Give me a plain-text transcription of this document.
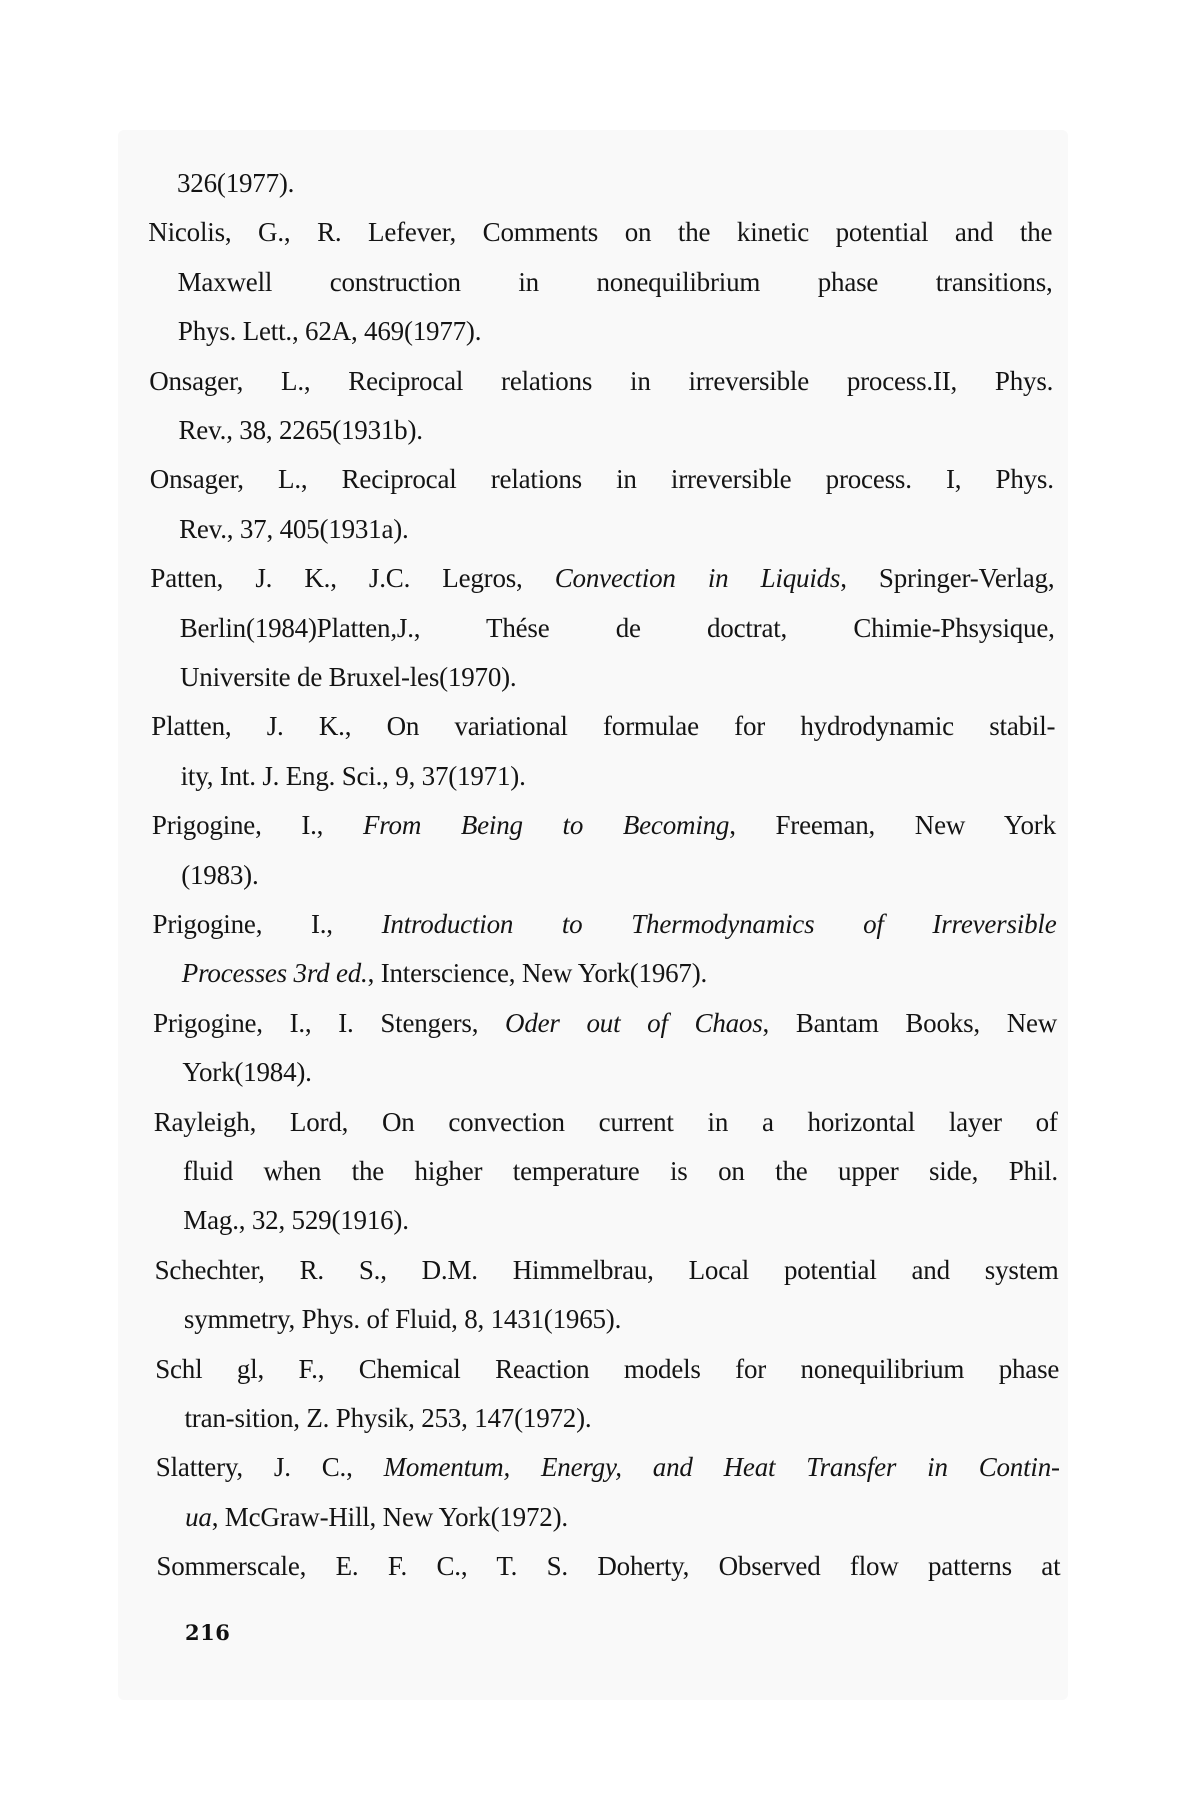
326(1977).
Nicolis, G., R. Lefever, Comments on the kinetic potential and the
Maxwell construction in nonequilibrium phase transitions,
Phys. Lett., 62A, 469(1977).
Onsager, L., Reciprocal relations in irreversible process.II, Phys.
Rev., 38, 2265(1931b).
Onsager, L., Reciprocal relations in irreversible process. I, Phys.
Rev., 37, 405(1931a).
Patten, J. K., J.C. Legros, Convection in Liquids, Springer-Verlag,
Berlin(1984)Platten,J., Thése de doctrat, Chimie-Phsysique,
Universite de Bruxel-les(1970).
Platten, J. K., On variational formulae for hydrodynamic stabil-
ity, Int. J. Eng. Sci., 9, 37(1971).
Prigogine, I., From Being to Becoming, Freeman, New York
(1983).
Prigogine, I., Introduction to Thermodynamics of Irreversible
Processes 3rd ed., Interscience, New York(1967).
Prigogine, I., I. Stengers, Oder out of Chaos, Bantam Books, New
York(1984).
Rayleigh, Lord, On convection current in a horizontal layer of
fluid when the higher temperature is on the upper side, Phil.
Mag., 32, 529(1916).
Schechter, R. S., D.M. Himmelbrau, Local potential and system
symmetry, Phys. of Fluid, 8, 1431(1965).
Schl gl, F., Chemical Reaction models for nonequilibrium phase
tran-sition, Z. Physik, 253, 147(1972).
Slattery, J. C., Momentum, Energy, and Heat Transfer in Contin-
ua, McGraw-Hill, New York(1972).
Sommerscale, E. F. C., T. S. Doherty, Observed flow patterns at
216
